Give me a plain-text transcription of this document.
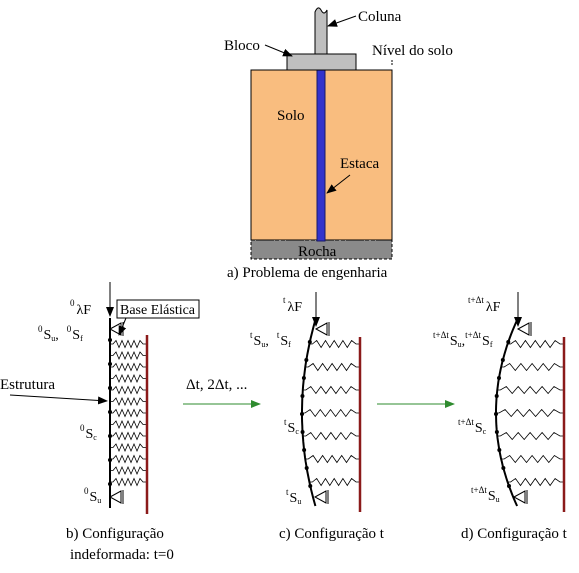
Coluna
Bloco	Nível do solo
Solo
Estaca
Rocha
a) Problema de engenharia
0 λF
0Su, $^0$Sf
Base Elástica
Estrutura
0Sc
0Su
b) Configuração
indeformada: t=0
Δt, 2Δt, ...
t λF
tSu, $^t$Sf
tSc
tSu
c) Configuração t
t+Δt λF
t+ΔtSu,$^{t+\Delta t}$Sf
t+ΔtSc
t+ΔtSu
d) Configuração t
